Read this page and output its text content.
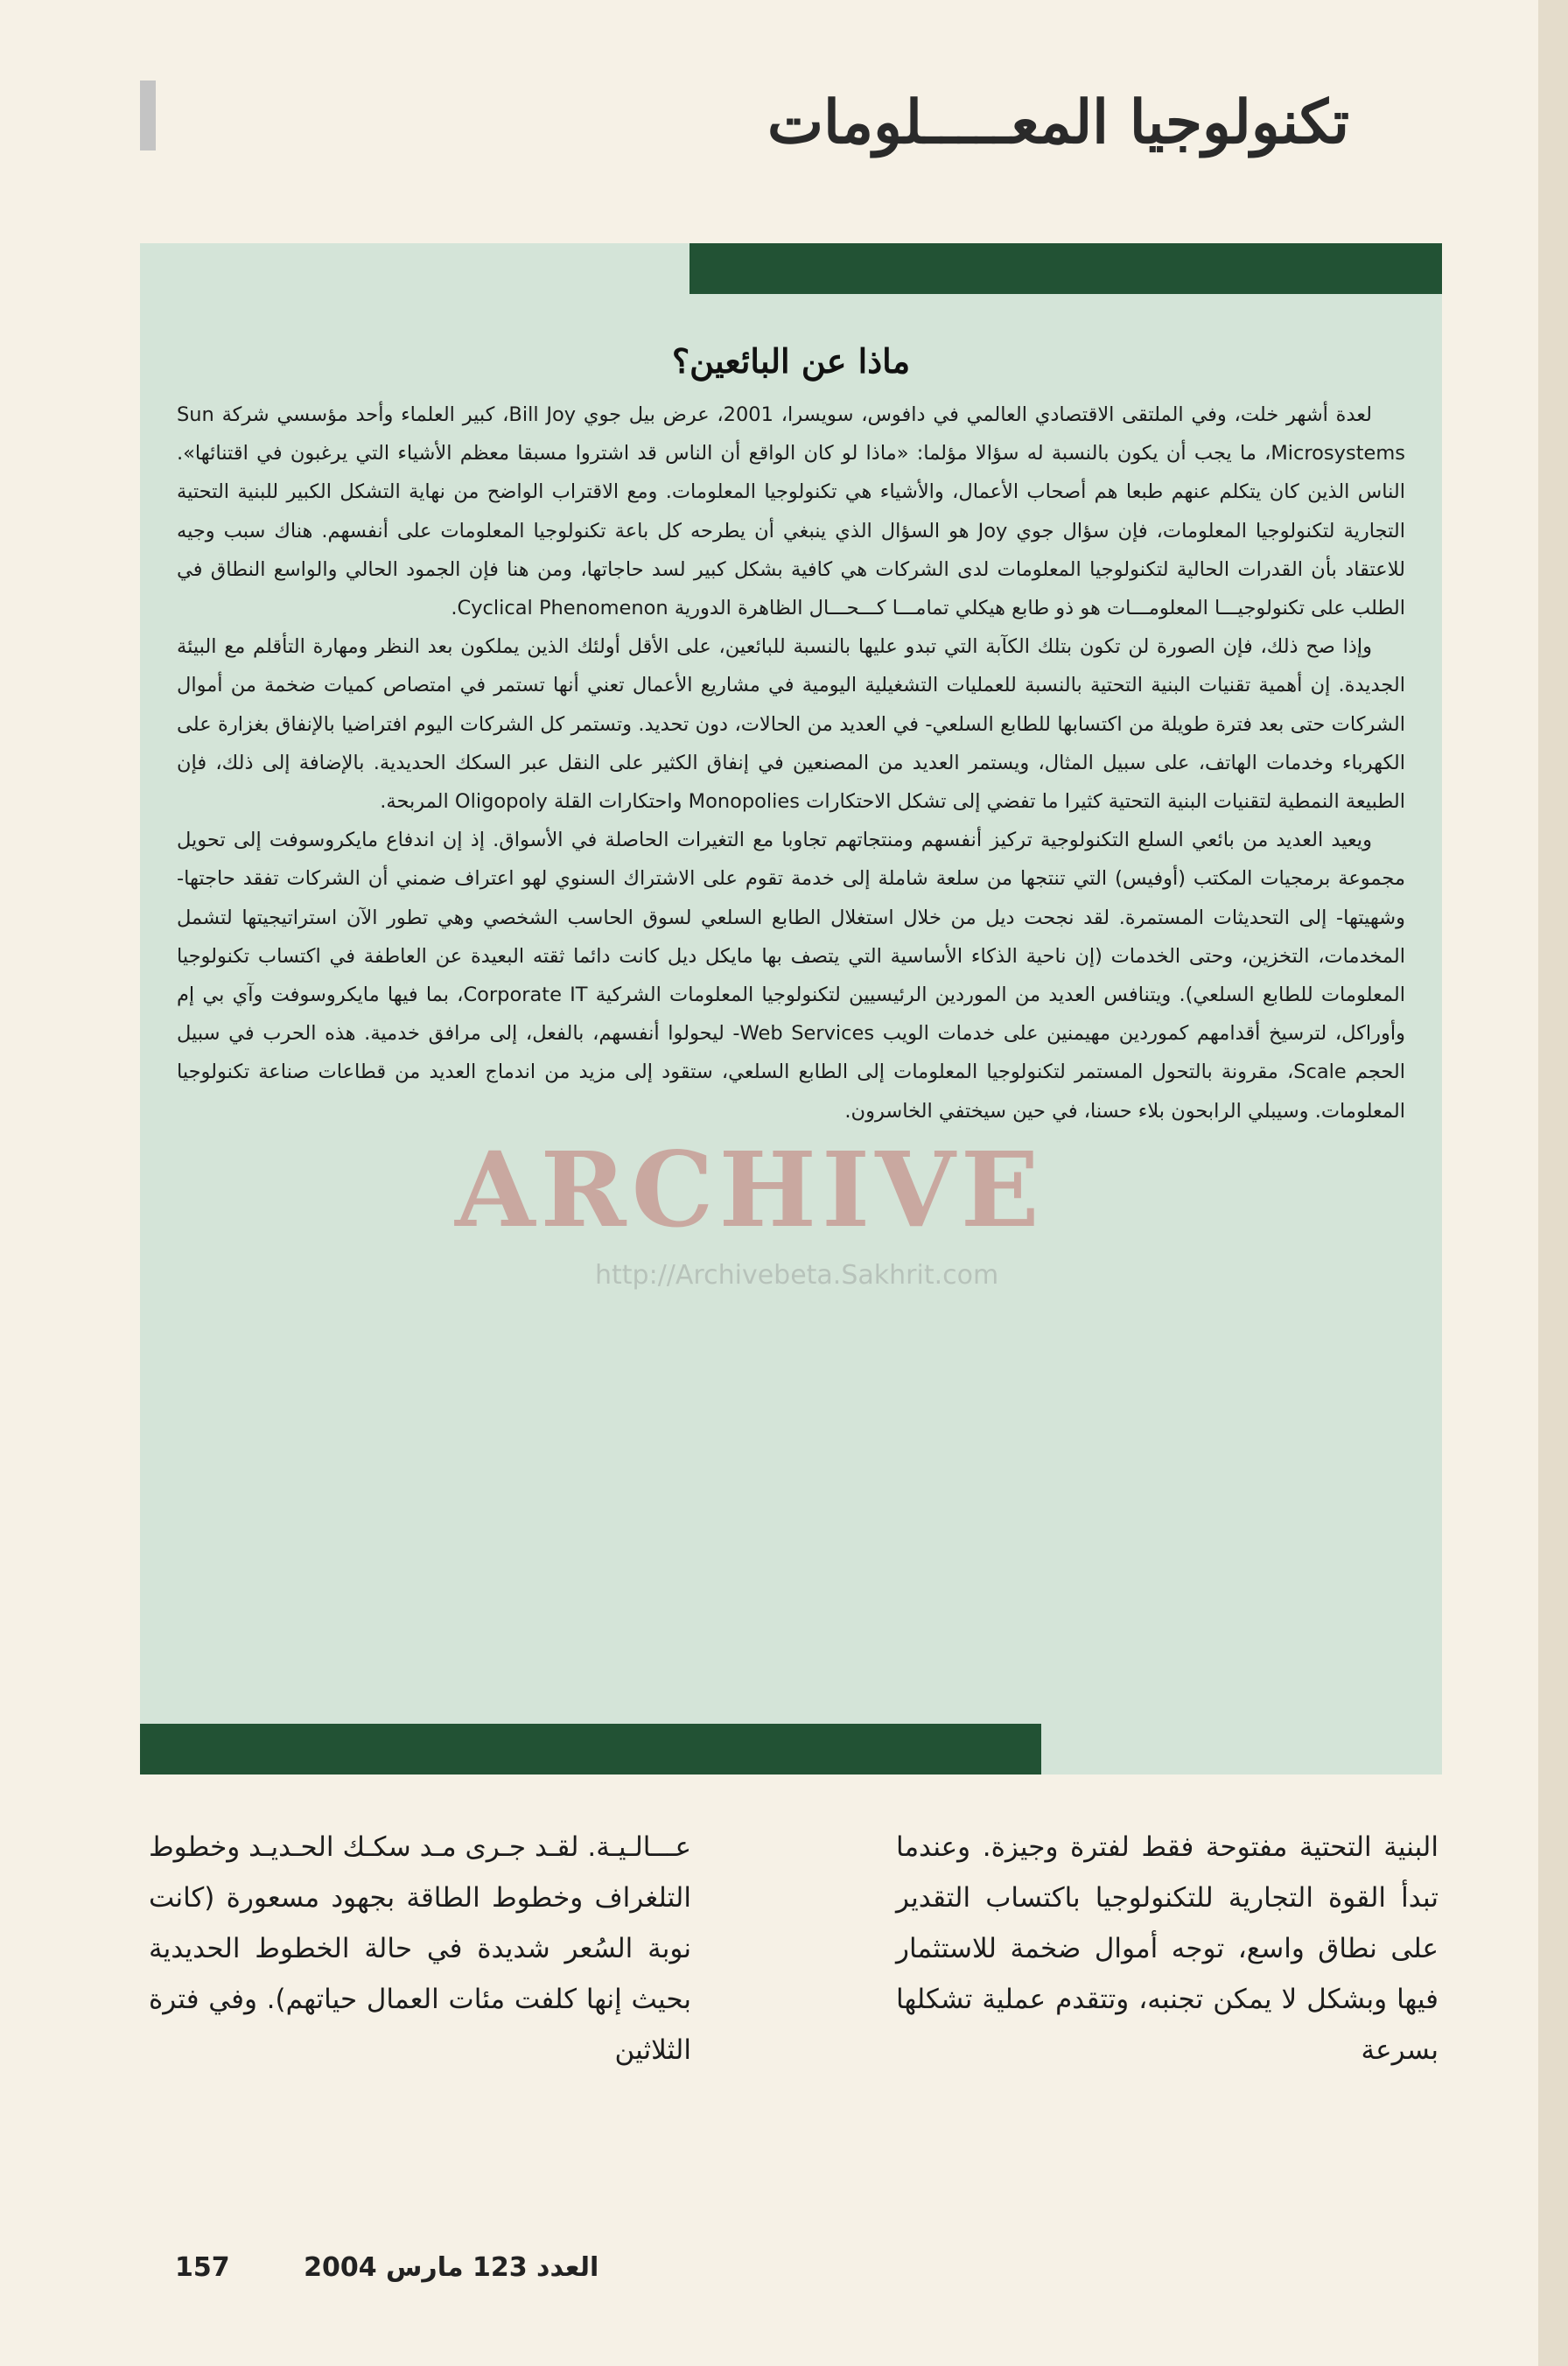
تكنولوجيا المعـــــلومات
ماذا عن البائعين؟

لعدة أشهر خلت، وفي الملتقى الاقتصادي العالمي في دافوس، سويسرا، 2001، عرض بيل جوي Bill Joy، كبير العلماء وأحد مؤسسي شركة Sun Microsystems، ما يجب أن يكون بالنسبة له سؤالا مؤلما: «ماذا لو كان الواقع أن الناس قد اشتروا مسبقا معظم الأشياء التي يرغبون في اقتنائها». الناس الذين كان يتكلم عنهم طبعا هم أصحاب الأعمال، والأشياء هي تكنولوجيا المعلومات. ومع الاقتراب الواضح من نهاية التشكل الكبير للبنية التحتية التجارية لتكنولوجيا المعلومات، فإن سؤال جوي Joy هو السؤال الذي ينبغي أن يطرحه كل باعة تكنولوجيا المعلومات على أنفسهم. هناك سبب وجيه للاعتقاد بأن القدرات الحالية لتكنولوجيا المعلومات لدى الشركات هي كافية بشكل كبير لسد حاجاتها، ومن هنا فإن الجمود الحالي والواسع النطاق في الطلب على تكنولوجيـــا المعلومـــات هو ذو طابع هيكلي تمامـــا كـــحـــال الظاهرة الدورية Cyclical Phenomenon.

وإذا صح ذلك، فإن الصورة لن تكون بتلك الكآبة التي تبدو عليها بالنسبة للبائعين، على الأقل أولئك الذين يملكون بعد النظر ومهارة التأقلم مع البيئة الجديدة. إن أهمية تقنيات البنية التحتية بالنسبة للعمليات التشغيلية اليومية في مشاريع الأعمال تعني أنها تستمر في امتصاص كميات ضخمة من أموال الشركات حتى بعد فترة طويلة من اكتسابها للطابع السلعي- في العديد من الحالات، دون تحديد. وتستمر كل الشركات اليوم افتراضيا بالإنفاق بغزارة على الكهرباء وخدمات الهاتف، على سبيل المثال، ويستمر العديد من المصنعين في إنفاق الكثير على النقل عبر السكك الحديدية. بالإضافة إلى ذلك، فإن الطبيعة النمطية لتقنيات البنية التحتية كثيرا ما تفضي إلى تشكل الاحتكارات Monopolies واحتكارات القلة Oligopoly المربحة.

ويعيد العديد من بائعي السلع التكنولوجية تركيز أنفسهم ومنتجاتهم تجاوبا مع التغيرات الحاصلة في الأسواق. إذ إن اندفاع مايكروسوفت إلى تحويل مجموعة برمجيات المكتب (أوفيس) التي تنتجها من سلعة شاملة إلى خدمة تقوم على الاشتراك السنوي لهو اعتراف ضمني أن الشركات تفقد حاجتها- وشهيتها- إلى التحديثات المستمرة. لقد نجحت ديل من خلال استغلال الطابع السلعي لسوق الحاسب الشخصي وهي تطور الآن استراتيجيتها لتشمل المخدمات، التخزين، وحتى الخدمات (إن ناحية الذكاء الأساسية التي يتصف بها مايكل ديل كانت دائما ثقته البعيدة عن العاطفة في اكتساب تكنولوجيا المعلومات للطابع السلعي). ويتنافس العديد من الموردين الرئيسيين لتكنولوجيا المعلومات الشركية Corporate IT، بما فيها مايكروسوفت وآي بي إم وأوراكل، لترسيخ أقدامهم كموردين مهيمنين على خدمات الويب Web Services- ليحولوا أنفسهم، بالفعل، إلى مرافق خدمية. هذه الحرب في سبيل الحجم Scale، مقرونة بالتحول المستمر لتكنولوجيا المعلومات إلى الطابع السلعي، ستقود إلى مزيد من اندماج العديد من قطاعات صناعة تكنولوجيا المعلومات. وسيبلي الرابحون بلاء حسنا، في حين سيختفي الخاسرون.

ARCHIVE
http://Archivebeta.Sakhrit.com

البنية التحتية مفتوحة فقط لفترة وجيزة. وعندما تبدأ القوة التجارية للتكنولوجيا باكتساب التقدير على نطاق واسع، توجه أموال ضخمة للاستثمار فيها وبشكل لا يمكن تجنبه، وتتقدم عملية تشكلها بسرعة

عـــالـيـة. لقـد جـرى مـد سكـك الحـديـد وخطوط التلغراف وخطوط الطاقة بجهود مسعورة (كانت نوبة السُعر شديدة في حالة الخطوط الحديدية بحيث إنها كلفت مئات العمال حياتهم). وفي فترة الثلاثين

157	العدد 123 مارس 2004
